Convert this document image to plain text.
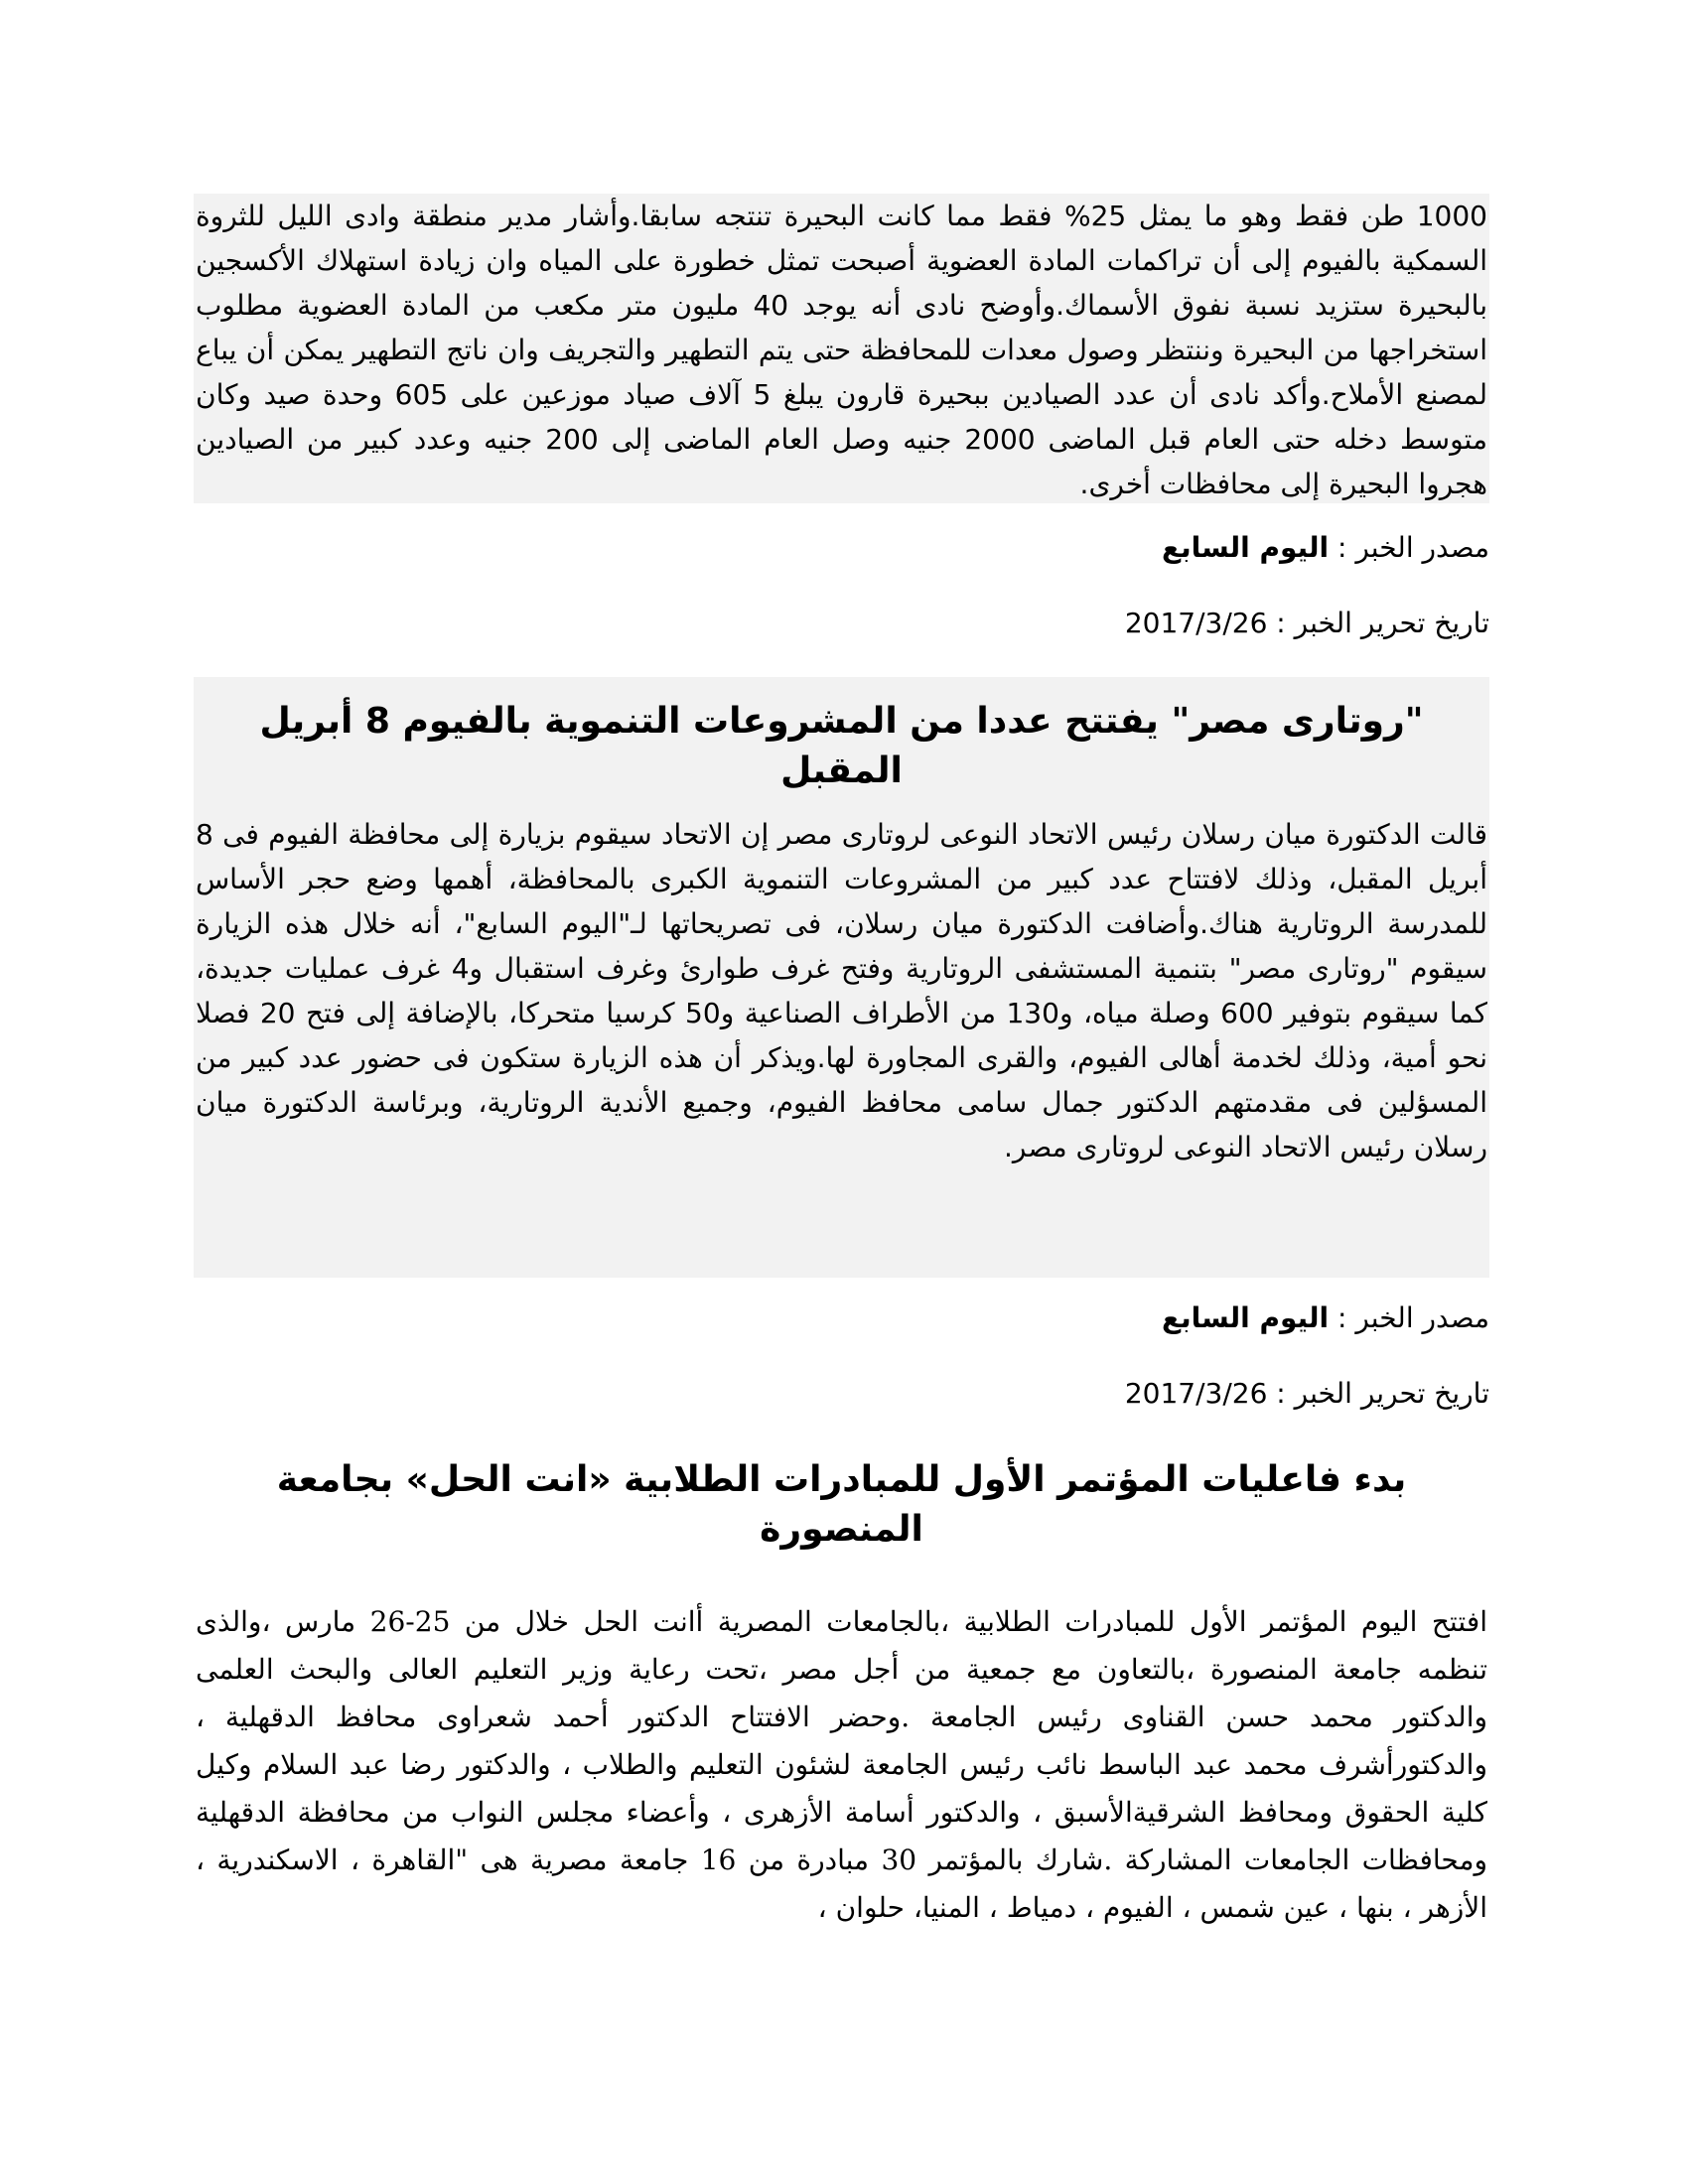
1000 طن فقط وهو ما يمثل 25% فقط مما كانت البحيرة تنتجه سابقا.وأشار مدير منطقة وادى الليل للثروة السمكية بالفيوم إلى أن تراكمات المادة العضوية أصبحت تمثل خطورة على المياه وان زيادة استهلاك الأكسجين بالبحيرة ستزيد نسبة نفوق الأسماك.وأوضح نادى أنه يوجد 40 مليون متر مكعب من المادة العضوية مطلوب استخراجها من البحيرة وننتظر وصول معدات للمحافظة حتى يتم التطهير والتجريف وان ناتج التطهير يمكن أن يباع لمصنع الأملاح.وأكد نادى أن عدد الصيادين ببحيرة قارون يبلغ 5 آلاف صياد موزعين على 605 وحدة صيد وكان متوسط دخله حتى العام قبل الماضى 2000 جنيه وصل العام الماضى إلى 200 جنيه وعدد كبير من الصيادين هجروا البحيرة إلى محافظات أخرى.

مصدر الخبر : اليوم السابع
تاريخ تحرير الخبر : 2017/3/26
"روتارى مصر" يفتتح عددا من المشروعات التنموية بالفيوم 8 أبريل المقبل

قالت الدكتورة ميان رسلان رئيس الاتحاد النوعى لروتارى مصر إن الاتحاد سيقوم بزيارة إلى محافظة الفيوم فى 8 أبريل المقبل، وذلك لافتتاح عدد كبير من المشروعات التنموية الكبرى بالمحافظة، أهمها وضع حجر الأساس للمدرسة الروتارية هناك.وأضافت الدكتورة ميان رسلان، فى تصريحاتها لـ"اليوم السابع"، أنه خلال هذه الزيارة سيقوم "روتارى مصر" بتنمية المستشفى الروتارية وفتح غرف طوارئ وغرف استقبال و4 غرف عمليات جديدة، كما سيقوم بتوفير 600 وصلة مياه، و130 من الأطراف الصناعية و50 كرسيا متحركا، بالإضافة إلى فتح 20 فصلا نحو أمية، وذلك لخدمة أهالى الفيوم، والقرى المجاورة لها.ويذكر أن هذه الزيارة ستكون فى حضور عدد كبير من المسؤلين فى مقدمتهم الدكتور جمال سامى محافظ الفيوم، وجميع الأندية الروتارية، وبرئاسة الدكتورة ميان رسلان رئيس الاتحاد النوعى لروتارى مصر.

مصدر الخبر : اليوم السابع
تاريخ تحرير الخبر : 2017/3/26
بدء فاعليات المؤتمر الأول للمبادرات الطلابية «انت الحل» بجامعة المنصورة

افتتح اليوم المؤتمر الأول للمبادرات الطلابية ،بالجامعات المصرية أانت الحل خلال من 25-26 مارس ،والذى تنظمه جامعة المنصورة ،بالتعاون مع جمعية من أجل مصر ،تحت رعاية وزير التعليم العالى والبحث العلمى والدكتور محمد حسن القناوى رئيس الجامعة .وحضر الافتتاح الدكتور أحمد شعراوى محافظ الدقهلية ، والدكتورأشرف محمد عبد الباسط نائب رئيس الجامعة لشئون التعليم والطلاب ، والدكتور رضا عبد السلام وكيل كلية الحقوق ومحافظ الشرقيةالأسبق ، والدكتور أسامة الأزهرى ، وأعضاء مجلس النواب من محافظة الدقهلية ومحافظات الجامعات المشاركة .شارك بالمؤتمر 30 مبادرة من 16 جامعة مصرية هى "القاهرة ، الاسكندرية ، الأزهر ، بنها ، عين شمس ، الفيوم ، دمياط ، المنيا، حلوان ،
